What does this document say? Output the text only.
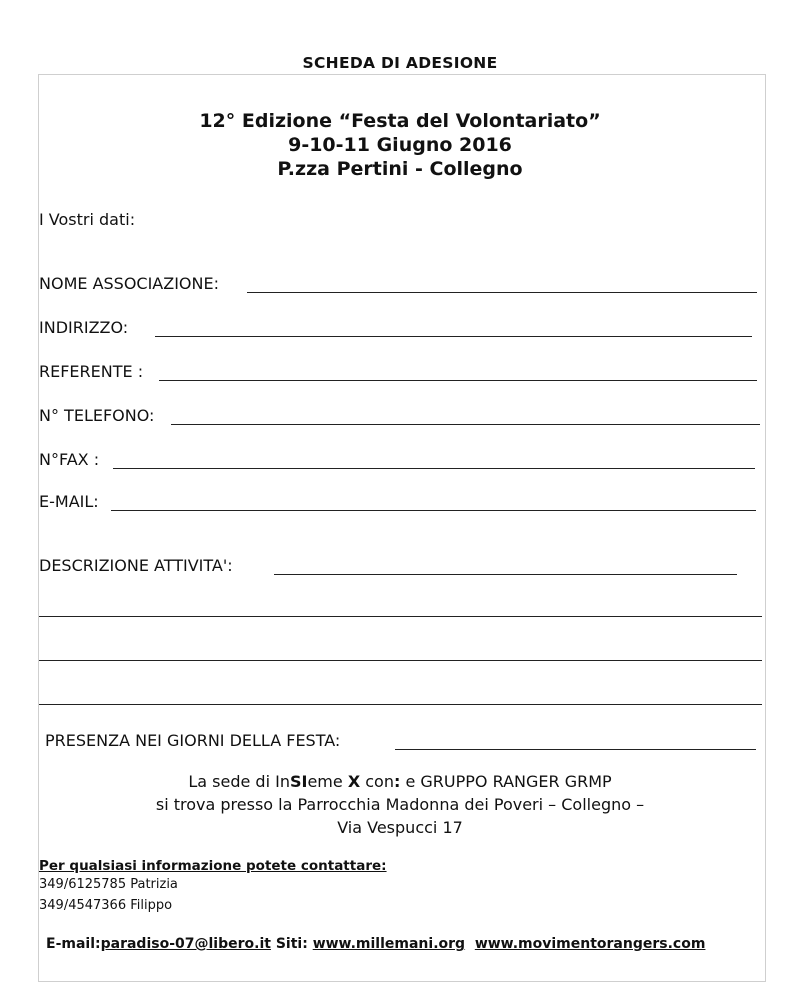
SCHEDA DI ADESIONE
12° Edizione “Festa del Volontariato”
9-10-11 Giugno 2016
P.zza Pertini - Collegno
I Vostri dati:
NOME ASSOCIAZIONE:
INDIRIZZO:
REFERENTE :
N° TELEFONO:
N°FAX :
E-MAIL:
DESCRIZIONE ATTIVITA':
PRESENZA NEI GIORNI DELLA FESTA:
La sede di InSIeme X con: e GRUPPO RANGER GRMP
si trova presso la Parrocchia Madonna dei Poveri – Collegno –
Via Vespucci 17
Per qualsiasi informazione potete contattare:
349/6125785 Patrizia
349/4547366 Filippo
E-mail:paradiso-07@libero.it Siti: www.millemani.org www.movimentorangers.com
